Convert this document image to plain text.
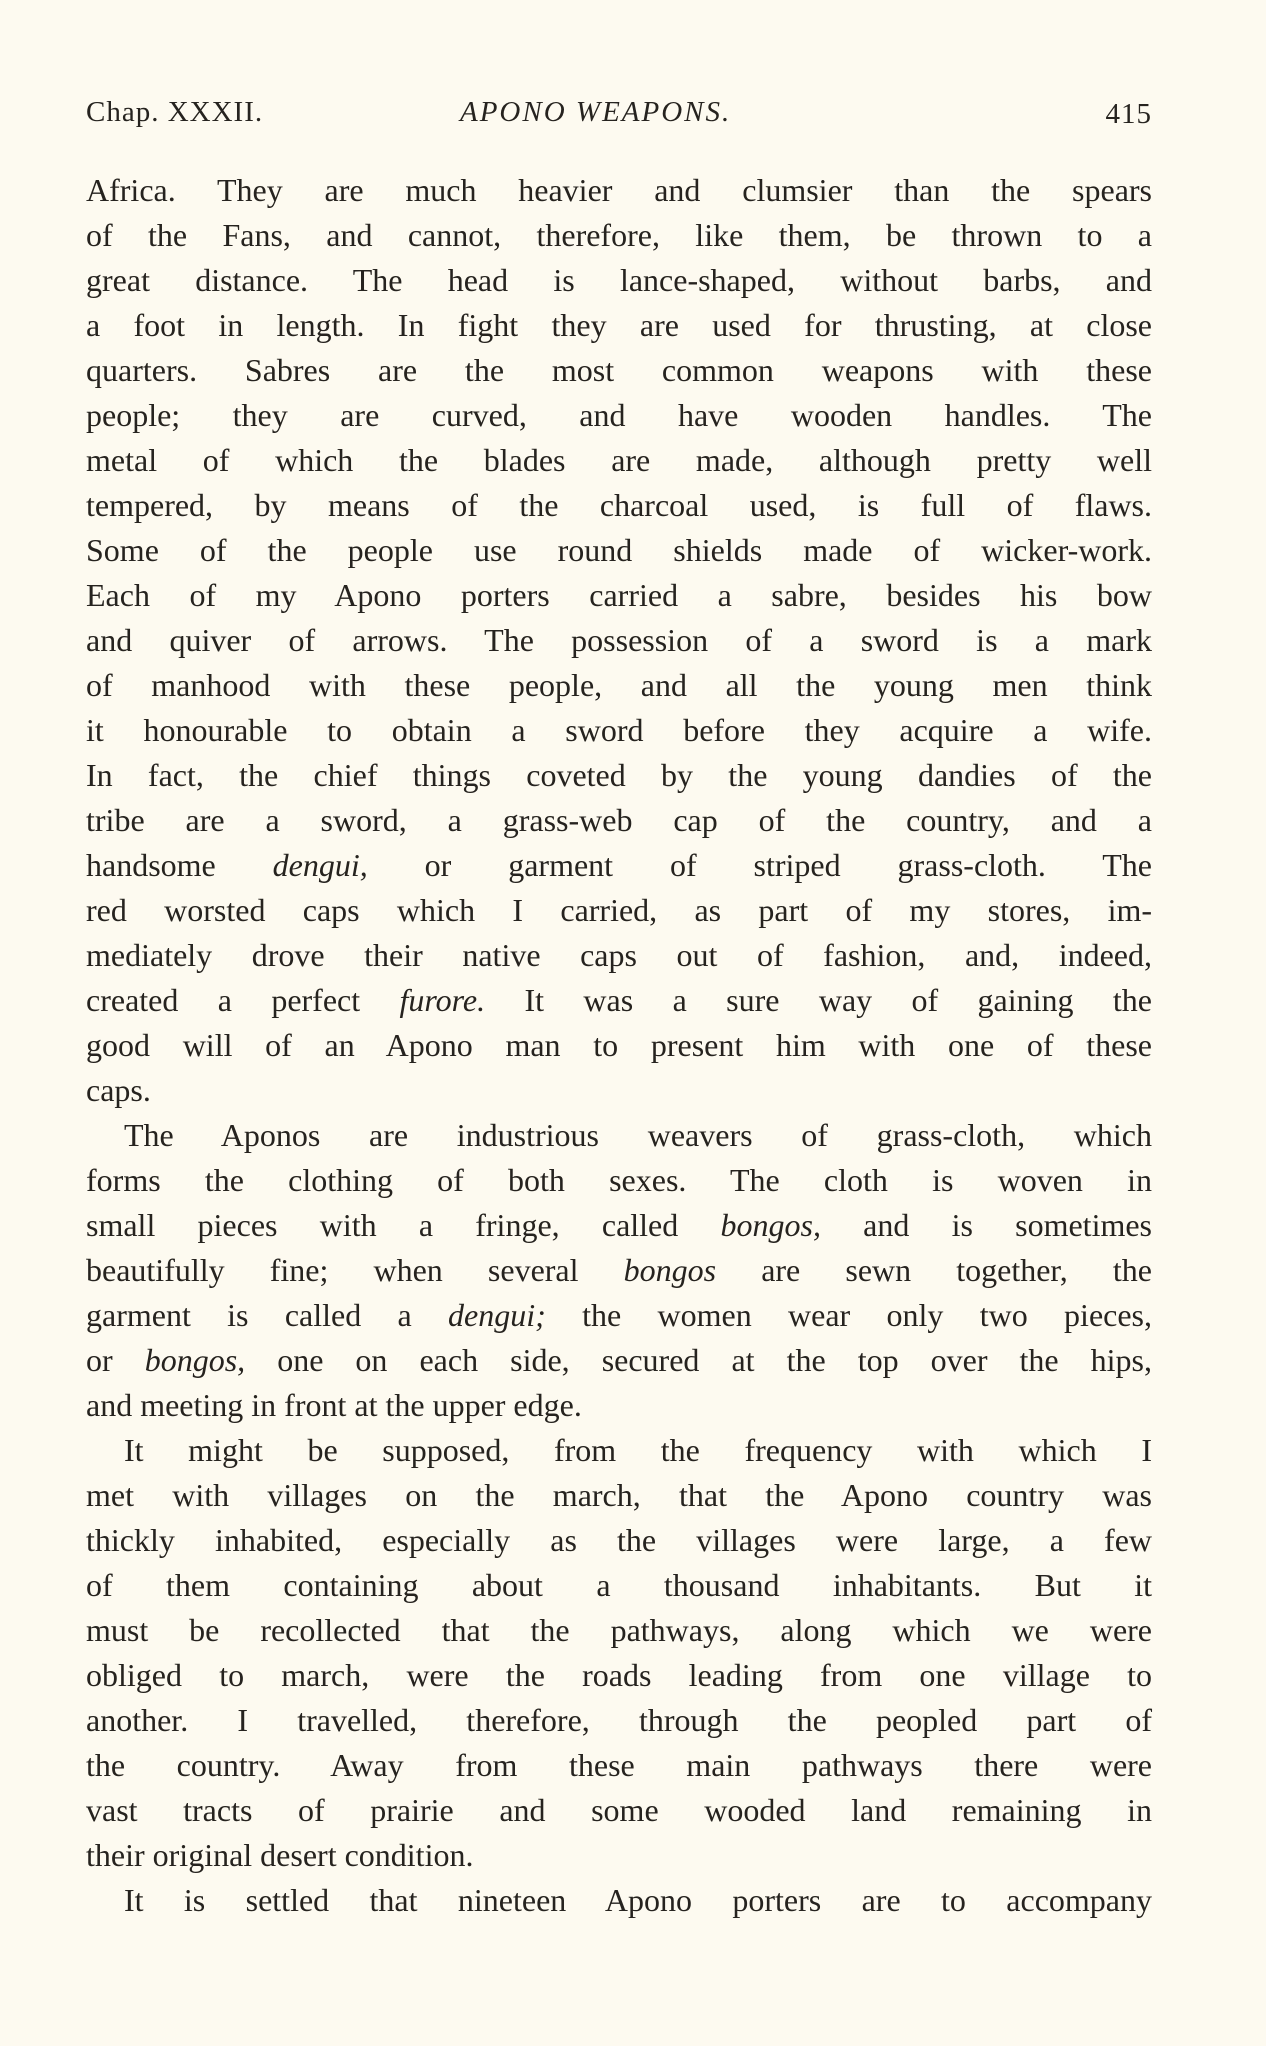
Chap. XXXII.	APONO WEAPONS.	415
Africa. They are much heavier and clumsier than the spears
of the Fans, and cannot, therefore, like them, be thrown to a
great distance. The head is lance-shaped, without barbs, and
a foot in length. In fight they are used for thrusting, at close
quarters. Sabres are the most common weapons with these
people; they are curved, and have wooden handles. The
metal of which the blades are made, although pretty well
tempered, by means of the charcoal used, is full of flaws.
Some of the people use round shields made of wicker-work.
Each of my Apono porters carried a sabre, besides his bow
and quiver of arrows. The possession of a sword is a mark
of manhood with these people, and all the young men think
it honourable to obtain a sword before they acquire a wife.
In fact, the chief things coveted by the young dandies of the
tribe are a sword, a grass-web cap of the country, and a
handsome dengui, or garment of striped grass-cloth. The
red worsted caps which I carried, as part of my stores, im-
mediately drove their native caps out of fashion, and, indeed,
created a perfect furore. It was a sure way of gaining the
good will of an Apono man to present him with one of these
caps.
The Aponos are industrious weavers of grass-cloth, which
forms the clothing of both sexes. The cloth is woven in
small pieces with a fringe, called bongos, and is sometimes
beautifully fine; when several bongos are sewn together, the
garment is called a dengui; the women wear only two pieces,
or bongos, one on each side, secured at the top over the hips,
and meeting in front at the upper edge.
It might be supposed, from the frequency with which I
met with villages on the march, that the Apono country was
thickly inhabited, especially as the villages were large, a few
of them containing about a thousand inhabitants. But it
must be recollected that the pathways, along which we were
obliged to march, were the roads leading from one village to
another. I travelled, therefore, through the peopled part of
the country. Away from these main pathways there were
vast tracts of prairie and some wooded land remaining in
their original desert condition.
It is settled that nineteen Apono porters are to accompany
